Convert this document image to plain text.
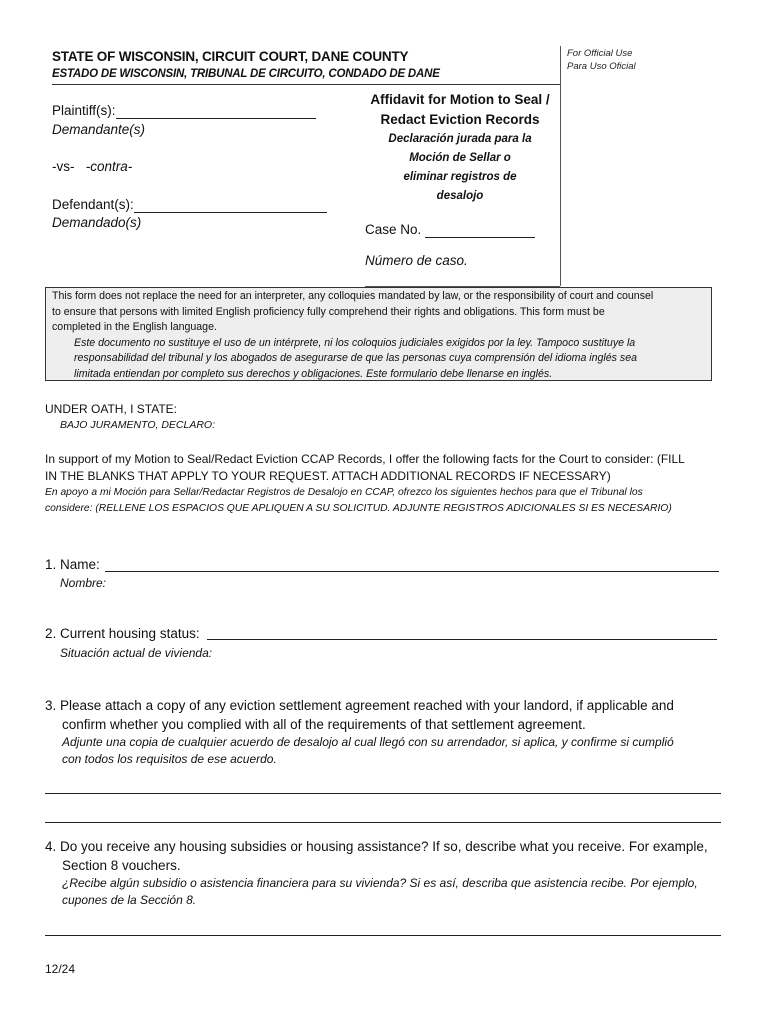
STATE OF WISCONSIN, CIRCUIT COURT, DANE COUNTY
ESTADO DE WISCONSIN, TRIBUNAL DE CIRCUITO, CONDADO DE DANE
For Official Use
Para Uso Oficial
Plaintiff(s):
Demandante(s)
-vs- -contra-
Defendant(s):
Demandado(s)
Affidavit for Motion to Seal /
Redact Eviction Records
Declaración jurada para la
Moción de Sellar o
eliminar registros de
desalojo
Case No.
Número de caso.
This form does not replace the need for an interpreter, any colloquies mandated by law, or the responsibility of court and counsel
to ensure that persons with limited English proficiency fully comprehend their rights and obligations. This form must be
completed in the English language.
Este documento no sustituye el uso de un intérprete, ni los coloquios judiciales exigidos por la ley. Tampoco sustituye la
responsabilidad del tribunal y los abogados de asegurarse de que las personas cuya comprensión del idioma inglés sea
limitada entiendan por completo sus derechos y obligaciones. Este formulario debe llenarse en inglés.
UNDER OATH, I STATE:
BAJO JURAMENTO, DECLARO:
In support of my Motion to Seal/Redact Eviction CCAP Records, I offer the following facts for the Court to consider: (FILL
IN THE BLANKS THAT APPLY TO YOUR REQUEST. ATTACH ADDITIONAL RECORDS IF NECESSARY)
En apoyo a mi Moción para Sellar/Redactar Registros de Desalojo en CCAP, ofrezco los siguientes hechos para que el Tribunal los
considere: (RELLENE LOS ESPACIOS QUE APLIQUEN A SU SOLICITUD. ADJUNTE REGISTROS ADICIONALES SI ES NECESARIO)
1. Name:
Nombre:
2. Current housing status:
Situación actual de vivienda:
3. Please attach a copy of any eviction settlement agreement reached with your landord, if applicable and
confirm whether you complied with all of the requirements of that settlement agreement.
Adjunte una copia de cualquier acuerdo de desalojo al cual llegó con su arrendador, si aplica, y confirme si cumplió
con todos los requisitos de ese acuerdo.
4. Do you receive any housing subsidies or housing assistance? If so, describe what you receive. For example,
Section 8 vouchers.
¿Recibe algún subsidio o asistencia financiera para su vivienda? Si es así, describa que asistencia recibe. Por ejemplo,
cupones de la Sección 8.
12/24
